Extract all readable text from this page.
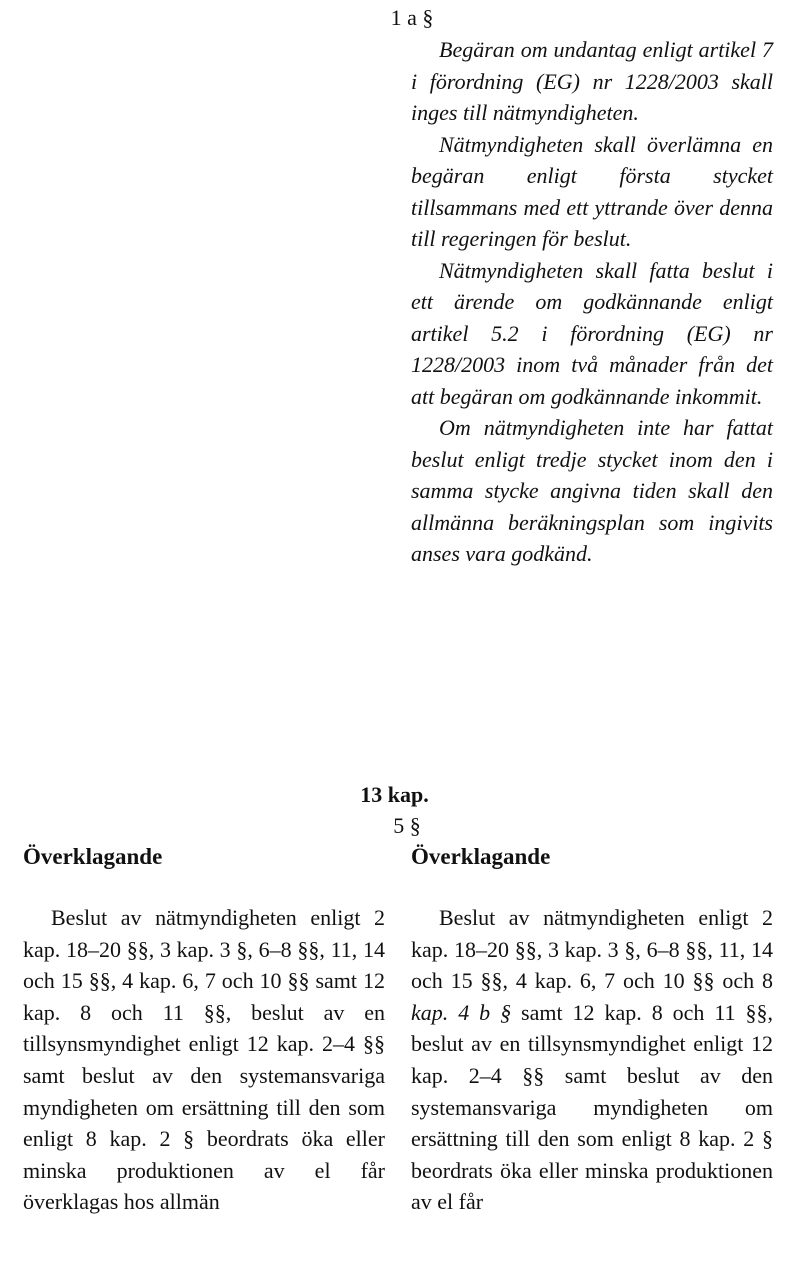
1 a §

Begäran om undantag enligt artikel 7 i förordning (EG) nr 1228/2003 skall inges till nätmyndigheten.

Nätmyndigheten skall överlämna en begäran enligt första stycket tillsammans med ett yttrande över denna till regeringen för beslut.

Nätmyndigheten skall fatta beslut i ett ärende om godkännande enligt artikel 5.2 i förordning (EG) nr 1228/2003 inom två månader från det att begäran om godkännande inkommit.

Om nätmyndigheten inte har fattat beslut enligt tredje stycket inom den i samma stycke angivna tiden skall den allmänna beräkningsplan som ingivits anses vara godkänd.

13 kap.
5 §
Överklagande	Överklagande

Beslut av nätmyndigheten enligt 2 kap. 18–20 §§, 3 kap. 3 §, 6–8 §§, 11, 14 och 15 §§, 4 kap. 6, 7 och 10 §§ samt 12 kap. 8 och 11 §§, beslut av en tillsynsmyndighet enligt 12 kap. 2–4 §§ samt beslut av den systemansvariga myndigheten om ersättning till den som enligt 8 kap. 2 § beordrats öka eller minska produktionen av el får överklagas hos allmän

Beslut av nätmyndigheten enligt 2 kap. 18–20 §§, 3 kap. 3 §, 6–8 §§, 11, 14 och 15 §§, 4 kap. 6, 7 och 10 §§ och 8 kap. 4 b § samt 12 kap. 8 och 11 §§, beslut av en tillsynsmyndighet enligt 12 kap. 2–4 §§ samt beslut av den systemansvariga myndigheten om ersättning till den som enligt 8 kap. 2 § beordrats öka eller minska produktionen av el får
